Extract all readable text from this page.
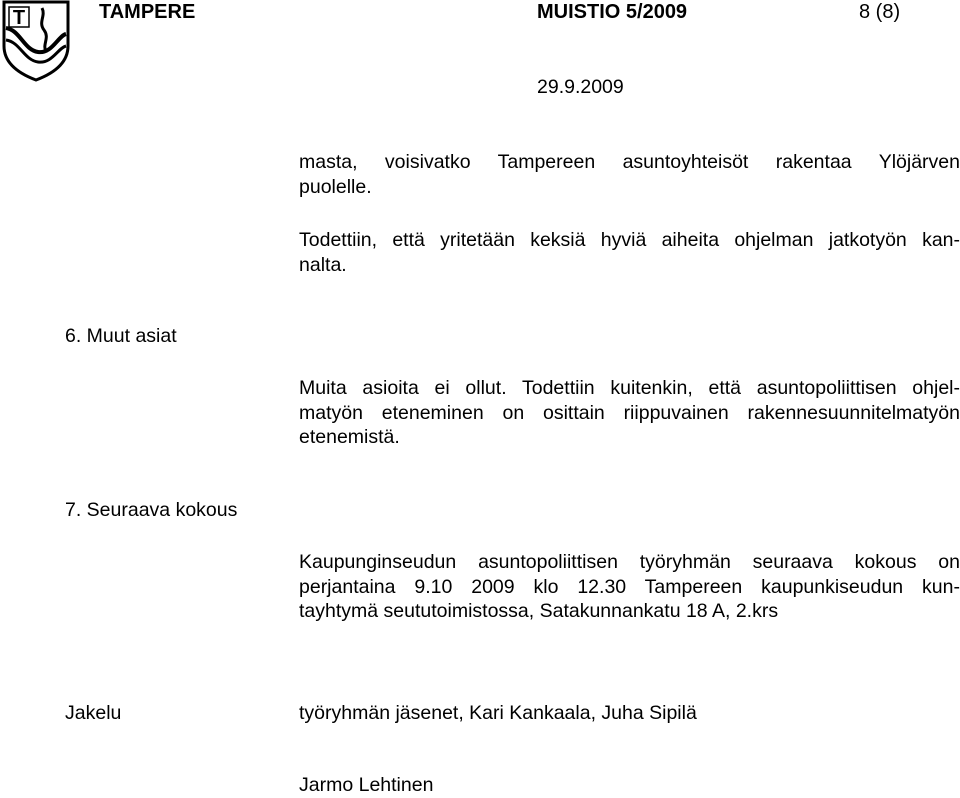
T	TAMPERE	MUISTIO 5/2009	8 (8)
29.9.2009
masta, voisivatko Tampereen asuntoyhteisöt rakentaa Ylöjärven
puolelle.
Todettiin, että yritetään keksiä hyviä aiheita ohjelman jatkotyön kan-
nalta.
6. Muut asiat
Muita asioita ei ollut. Todettiin kuitenkin, että asuntopoliittisen ohjel-
matyön eteneminen on osittain riippuvainen rakennesuunnitelmatyön
etenemistä.
7. Seuraava kokous
Kaupunginseudun asuntopoliittisen työryhmän seuraava kokous on
perjantaina 9.10 2009 klo 12.30 Tampereen kaupunkiseudun kun-
tayhtymä seututoimistossa, Satakunnankatu 18 A, 2.krs
Jakelu	työryhmän jäsenet, Kari Kankaala, Juha Sipilä
Jarmo Lehtinen
